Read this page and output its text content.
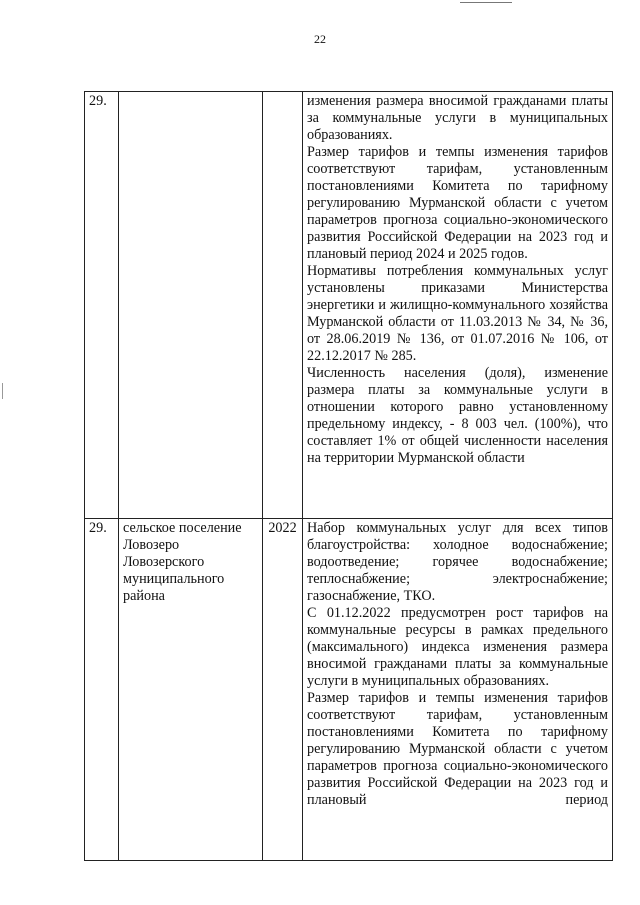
22
29.			изменения размера вносимой гражданами платы за коммунальные услуги в муниципальных образованиях.

Размер тарифов и темпы изменения тарифов соответствуют тарифам, установленным постановлениями Комитета по тарифному регулированию Мурманской области с учетом параметров прогноза социально-экономического развития Российской Федерации на 2023 год и плановый период 2024 и 2025 годов.

Нормативы потребления коммунальных услуг установлены приказами Министерства энергетики и жилищно-коммунального хозяйства Мурманской области от 11.03.2013 № 34, № 36, от 28.06.2019 № 136, от 01.07.2016 № 106, от 22.12.2017 № 285.

Численность населения (доля), изменение размера платы за коммунальные услуги в отношении которого равно установленному предельному индексу, - 8 003 чел. (100%), что составляет 1% от общей численности населения на территории Мурманской области

29.	сельское поселение Ловозеро Ловозерского муниципального района	2022	Набор коммунальных услуг для всех типов благоустройства: холодное водоснабжение; водоотведение; горячее водоснабжение; теплоснабжение; электроснабжение; газоснабжение, ТКО.

С 01.12.2022 предусмотрен рост тарифов на коммунальные ресурсы в рамках предельного (максимального) индекса изменения размера вносимой гражданами платы за коммунальные услуги в муниципальных образованиях.

Размер тарифов и темпы изменения тарифов соответствуют тарифам, установленным постановлениями Комитета по тарифному регулированию Мурманской области с учетом параметров прогноза социально-экономического развития Российской Федерации на 2023 год и плановый период
